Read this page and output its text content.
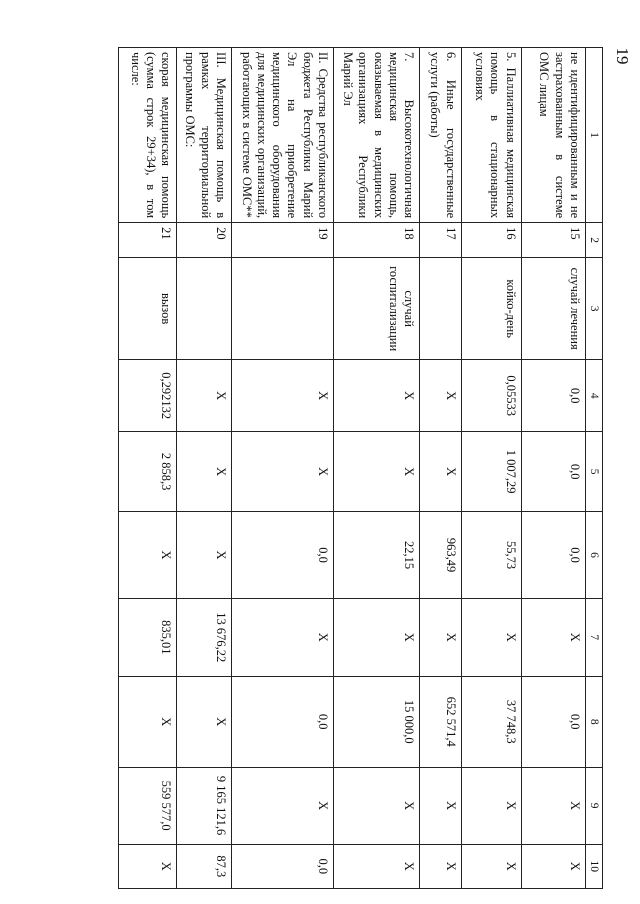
19
1	2	3	4	5	6	7	8	9	10
не идентифицированным и не застрахованным в системе ОМС лицам	15	случай лечения	0,0	0,0	0,0	X	0,0	X	X
5. Паллиативная медицинская помощь в стационарных условиях	16	койко-день	0,05533	1 007,29	55,73	X	37 748,3	X	X
6. Иные государственные услуги (работы)	17		X	X	963,49	X	652 571,4	X	X
7. Высокотехнологичная медицинская помощь, оказываемая в медицинских организациях Республики Марий Эл	18	случай госпитализации	X	X	22,15	X	15 000,0	X	X
II. Средства республиканского бюджета Республики Марий Эл на приобретение медицинского оборудования для медицинских организаций, работающих в системе ОМС**	19		X	X	0,0	X	0,0	X	0,0
III. Медицинская помощь в рамках территориальной программы ОМС:	20		X	X	X	13 676,22	X	9 165 121,6	87,3
скорая медицинская помощь (сумма строк 29+34), в том числе:	21	вызов	0,292132	2 858,3	X	835,01	X	559 577,0	X
